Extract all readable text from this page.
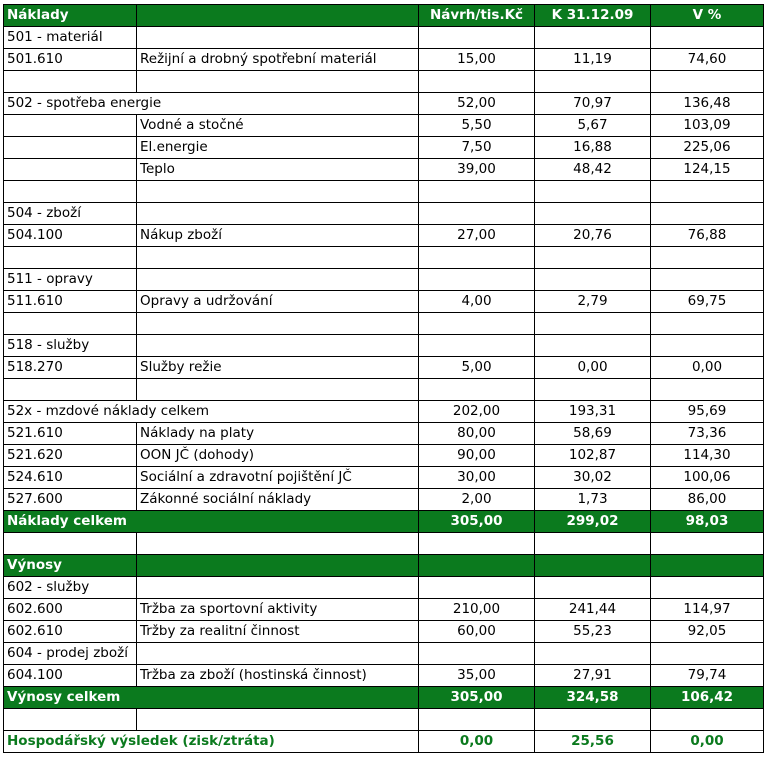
Náklady		Návrh/tis.Kč	K 31.12.09	V %
501 - materiál				
501.610	Režijní a drobný spotřební materiál	15,00	11,19	74,60

502 - spotřeba energie		52,00	70,97	136,48
	Vodné a stočné	5,50	5,67	103,09
	El.energie	7,50	16,88	225,06
	Teplo	39,00	48,42	124,15

504 - zboží				
504.100	Nákup zboží	27,00	20,76	76,88

511 - opravy				
511.610	Opravy a udržování	4,00	2,79	69,75

518 - služby				
518.270	Služby režie	5,00	0,00	0,00

52x - mzdové náklady celkem		202,00	193,31	95,69
521.610	Náklady na platy	80,00	58,69	73,36
521.620	OON JČ (dohody)	90,00	102,87	114,30
524.610	Sociální a zdravotní pojištění JČ	30,00	30,02	100,06
527.600	Zákonné sociální náklady	2,00	1,73	86,00
Náklady celkem		305,00	299,02	98,03

Výnosy				
602 - služby				
602.600	Tržba za sportovní aktivity	210,00	241,44	114,97
602.610	Tržby za realitní činnost	60,00	55,23	92,05
604 - prodej zboží				
604.100	Tržba za zboží (hostinská činnost)	35,00	27,91	79,74
Výnosy celkem		305,00	324,58	106,42

Hospodářský výsledek (zisk/ztráta)		0,00	25,56	0,00
